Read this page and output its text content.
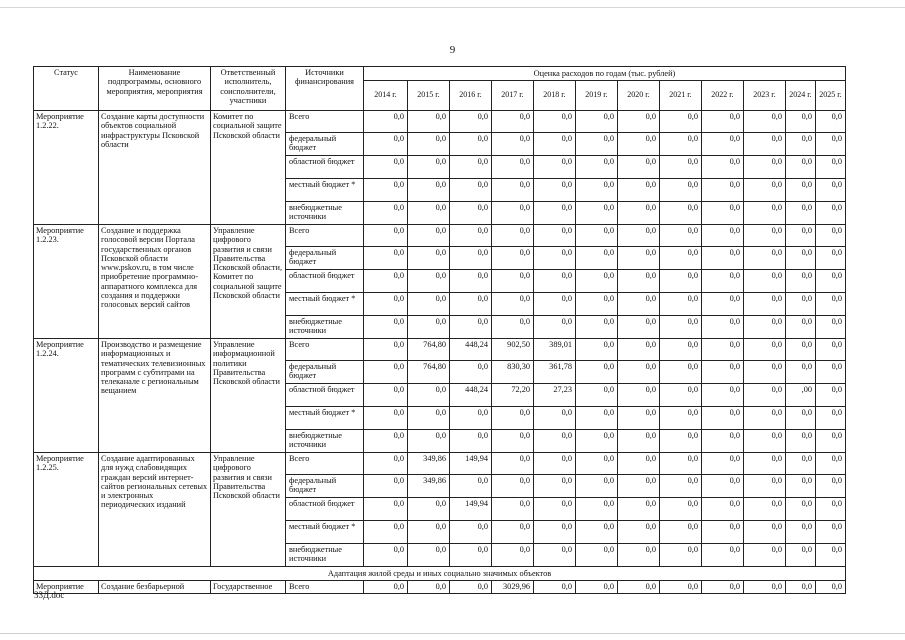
9
Статус	Наименование подпрограммы, основного мероприятия, мероприятия	Ответственный исполнитель, соисполнители, участники	Источники финансирования	Оценка расходов по годам (тыс. рублей)											
				2014 г.	2015 г.	2016 г.	2017 г.	2018 г.	2019 г.	2020 г.	2021 г.	2022 г.	2023 г.	2024 г.	2025 г.
Мероприятие 1.2.22.	Создание карты доступности объектов социальной инфраструктуры Псковской области	Комитет по социальной защите Псковской области	Всего	0,0	0,0	0,0	0,0	0,0	0,0	0,0	0,0	0,0	0,0	0,0	0,0
			федеральный бюджет	0,0	0,0	0,0	0,0	0,0	0,0	0,0	0,0	0,0	0,0	0,0	0,0
			областной бюджет	0,0	0,0	0,0	0,0	0,0	0,0	0,0	0,0	0,0	0,0	0,0	0,0
			местный бюджет *	0,0	0,0	0,0	0,0	0,0	0,0	0,0	0,0	0,0	0,0	0,0	0,0
			внебюджетные источники	0,0	0,0	0,0	0,0	0,0	0,0	0,0	0,0	0,0	0,0	0,0	0,0
Мероприятие 1.2.23.	Создание и поддержка голосовой версии Портала государственных органов Псковской области www.pskov.ru, в том числе приобретение программно-аппаратного комплекса для создания и поддержки голосовых версий сайтов	Управление цифрового развития и связи Правительства Псковской области, Комитет по социальной защите Псковской области	Всего	0,0	0,0	0,0	0,0	0,0	0,0	0,0	0,0	0,0	0,0	0,0	0,0
			федеральный бюджет	0,0	0,0	0,0	0,0	0,0	0,0	0,0	0,0	0,0	0,0	0,0	0,0
			областной бюджет	0,0	0,0	0,0	0,0	0,0	0,0	0,0	0,0	0,0	0,0	0,0	0,0
			местный бюджет *	0,0	0,0	0,0	0,0	0,0	0,0	0,0	0,0	0,0	0,0	0,0	0,0
			внебюджетные источники	0,0	0,0	0,0	0,0	0,0	0,0	0,0	0,0	0,0	0,0	0,0	0,0
Мероприятие 1.2.24.	Производство и размещение информационных и тематических телевизионных программ с субтитрами на телеканале с региональным вещанием	Управление информационной политики Правительства Псковской области	Всего	0,0	764,80	448,24	902,50	389,01	0,0	0,0	0,0	0,0	0,0	0,0	0,0
			федеральный бюджет	0,0	764,80	0,0	830,30	361,78	0,0	0,0	0,0	0,0	0,0	0,0	0,0
			областной бюджет	0,0	0,0	448,24	72,20	27,23	0,0	0,0	0,0	0,0	0,0	,00	0,0
			местный бюджет *	0,0	0,0	0,0	0,0	0,0	0,0	0,0	0,0	0,0	0,0	0,0	0,0
			внебюджетные источники	0,0	0,0	0,0	0,0	0,0	0,0	0,0	0,0	0,0	0,0	0,0	0,0
Мероприятие 1.2.25.	Создание адаптированных для нужд слабовидящих граждан версий интернет-сайтов региональных сетевых и электронных периодических изданий	Управление цифрового развития и связи Правительства Псковской области	Всего	0,0	349,86	149,94	0,0	0,0	0,0	0,0	0,0	0,0	0,0	0,0	0,0
			федеральный бюджет	0,0	349,86	0,0	0,0	0,0	0,0	0,0	0,0	0,0	0,0	0,0	0,0
			областной бюджет	0,0	0,0	149,94	0,0	0,0	0,0	0,0	0,0	0,0	0,0	0,0	0,0
			местный бюджет *	0,0	0,0	0,0	0,0	0,0	0,0	0,0	0,0	0,0	0,0	0,0	0,0
			внебюджетные источники	0,0	0,0	0,0	0,0	0,0	0,0	0,0	0,0	0,0	0,0	0,0	0,0
Адаптация жилой среды и иных социально значимых объектов															
Мероприятие	Создание безбарьерной	Государственное	Всего	0,0	0,0	0,0	3029,96	0,0	0,0	0,0	0,0	0,0	0,0	0,0	0,0
33Д.doc
